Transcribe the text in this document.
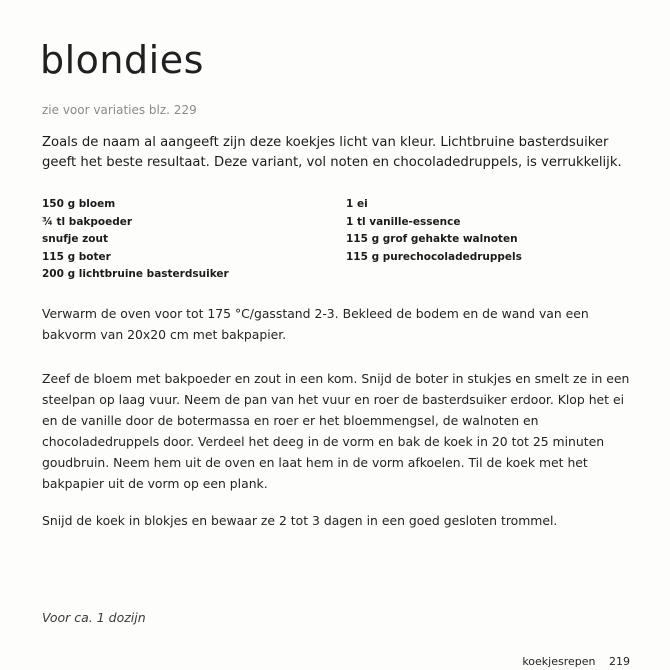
blondies
zie voor variaties blz. 229
Zoals de naam al aangeeft zijn deze koekjes licht van kleur. Lichtbruine basterdsuiker geeft het beste resultaat. Deze variant, vol noten en chocoladedruppels, is verrukkelijk.
150 g bloem
¾ tl bakpoeder
snufje zout
115 g boter
200 g lichtbruine basterdsuiker
1 ei
1 tl vanille-essence
115 g grof gehakte walnoten
115 g purechocoladedruppels
Verwarm de oven voor tot 175 °C/gasstand 2-3. Bekleed de bodem en de wand van een bakvorm van 20x20 cm met bakpapier.
Zeef de bloem met bakpoeder en zout in een kom. Snijd de boter in stukjes en smelt ze in een steelpan op laag vuur. Neem de pan van het vuur en roer de basterdsuiker erdoor. Klop het ei en de vanille door de botermassa en roer er het bloemmengsel, de walnoten en chocoladedruppels door. Verdeel het deeg in de vorm en bak de koek in 20 tot 25 minuten goudbruin. Neem hem uit de oven en laat hem in de vorm afkoelen. Til de koek met het bakpapier uit de vorm op een plank.
Snijd de koek in blokjes en bewaar ze 2 tot 3 dagen in een goed gesloten trommel.
Voor ca. 1 dozijn
koekjesrepen 219
